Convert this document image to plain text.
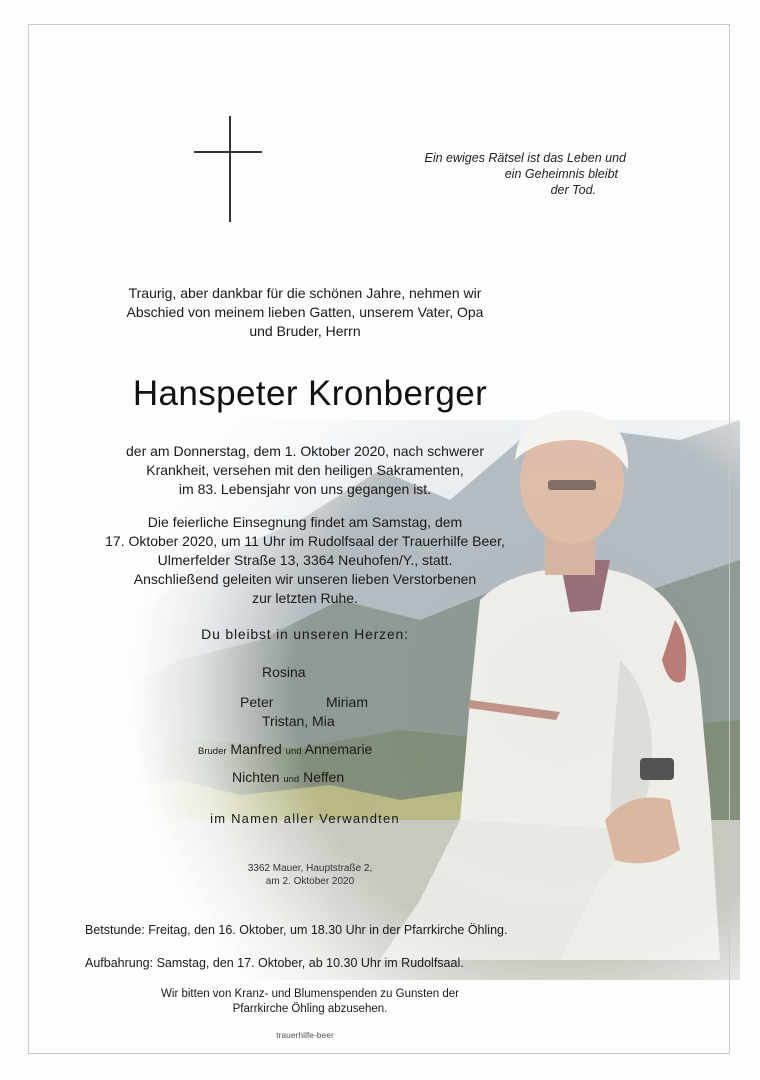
Ein ewiges Rätsel ist das Leben und
ein Geheimnis bleibt
der Tod.
Traurig, aber dankbar für die schönen Jahre, nehmen wir
Abschied von meinem lieben Gatten, unserem Vater, Opa
und Bruder, Herrn
Hanspeter Kronberger
der am Donnerstag, dem 1. Oktober 2020, nach schwerer
Krankheit, versehen mit den heiligen Sakramenten,
im 83. Lebensjahr von uns gegangen ist.
Die feierliche Einsegnung findet am Samstag, dem
17. Oktober 2020, um 11 Uhr im Rudolfsaal der Trauerhilfe Beer,
Ulmerfelder Straße 13, 3364 Neuhofen/Y., statt.
Anschließend geleiten wir unseren lieben Verstorbenen
zur letzten Ruhe.
Du bleibst in unseren Herzen:
Rosina
Peter	Miriam
Tristan, Mia
Bruder Manfred und Annemarie
Nichten und Neffen
im Namen aller Verwandten
3362 Mauer, Hauptstraße 2,
am 2. Oktober 2020
Betstunde: Freitag, den 16. Oktober, um 18.30 Uhr in der Pfarrkirche Öhling.
Aufbahrung: Samstag, den 17. Oktober, ab 10.30 Uhr im Rudolfsaal.
Wir bitten von Kranz- und Blumenspenden zu Gunsten der
Pfarrkirche Öhling abzusehen.
trauerhilfe-beer
